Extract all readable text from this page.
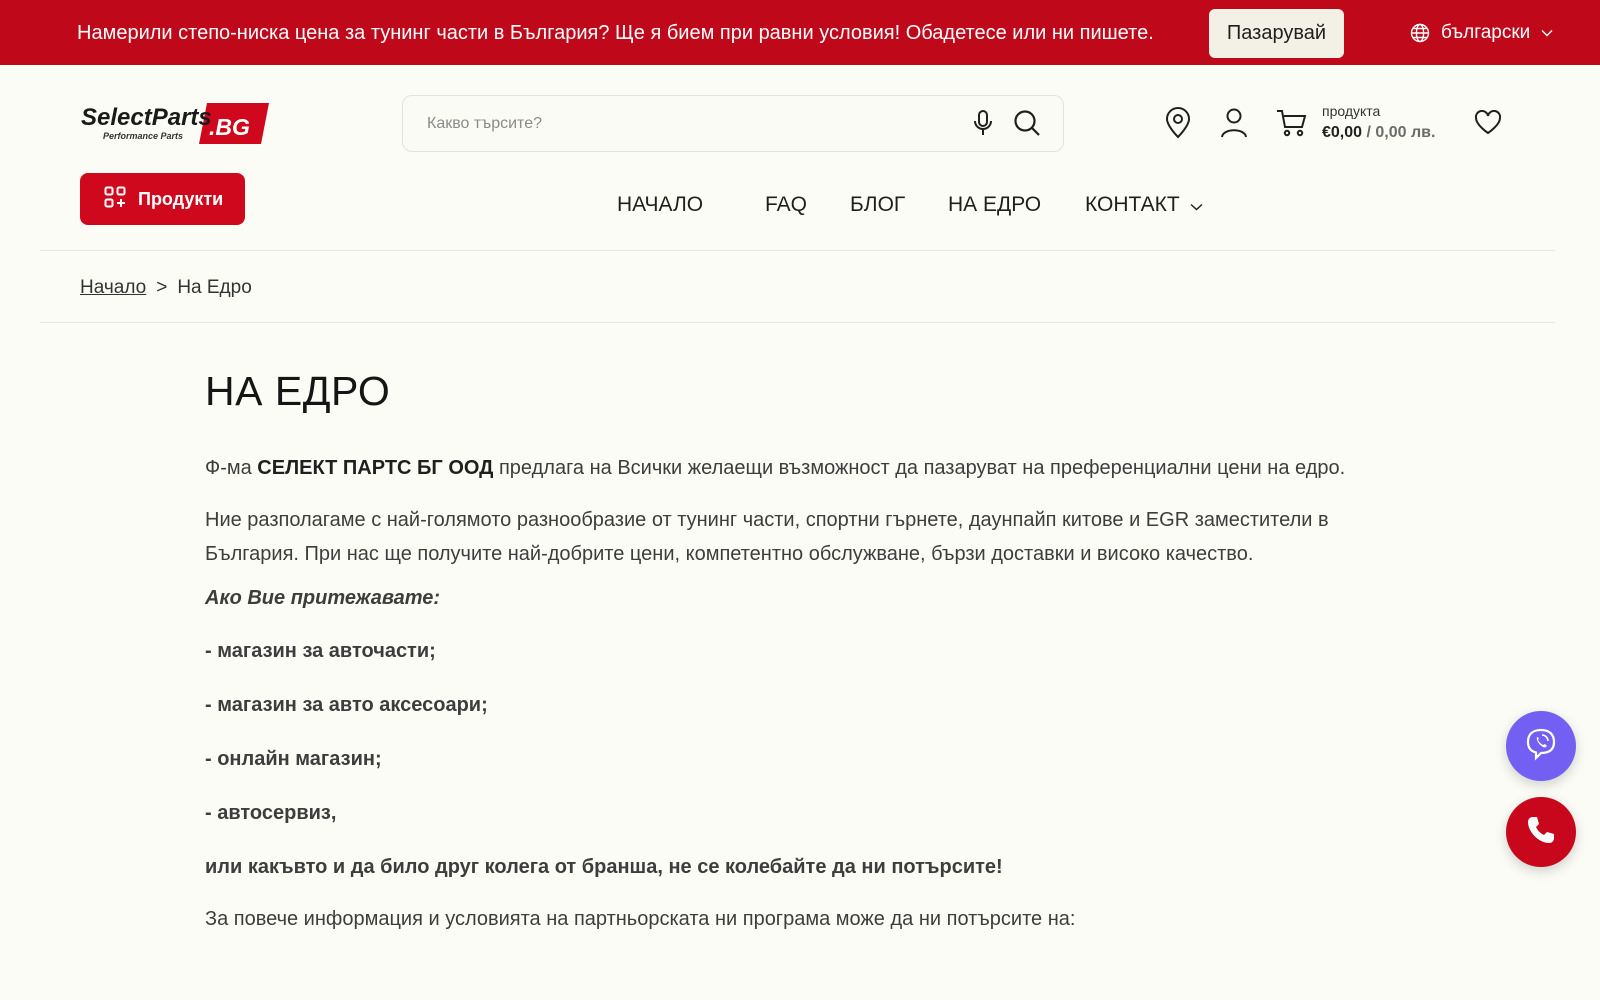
Намерили степо-ниска цена за тунинг части в България? Ще я бием при равни условия! Обадетесе или ни пишете.	Пазарувай	български
SelectParts
.BG
Performance Parts
Какво търсите?
продукта
€0,00 / 0,00 лв.
Продукти	НАЧАЛО	FAQ БЛОГ НА ЕДРО КОНТАКТ
Начало > На Едро
НА ЕДРО

Ф-ма СЕЛЕКТ ПАРТС БГ ООД предлага на Всички желаещи възможност да пазаруват на преференциални цени на едро.

Ние разполагаме с най-голямото разнообразие от тунинг части, спортни гърнете, даунпайп китове и EGR заместители в България. При нас ще получите най-добрите цени, компетентно обслужване, бързи доставки и високо качество.

Ако Вие притежавате:

- магазин за авточасти;

- магазин за авто аксесоари;

- онлайн магазин;

- автосервиз,

или какъвто и да било друг колега от бранша, не се колебайте да ни потърсите!

За повече информация и условията на партньорската ни програма може да ни потърсите на:
